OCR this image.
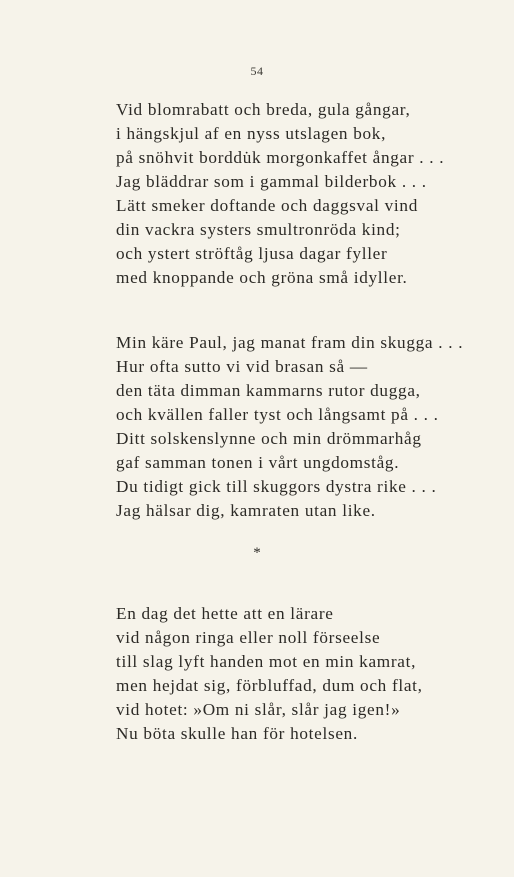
54
Vid blomrabatt och breda, gula gångar,
i hängskjul af en nyss utslagen bok,
på snöhvit borddu̇k morgonkaffet ångar . . .
Jag bläddrar som i gammal bilderbok . . .
Lätt smeker doftande och daggsval vind
din vackra systers smultronröda kind;
och ystert ströftåg ljusa dagar fyller
med knoppande och gröna små idyller.
Min käre Paul, jag manat fram din skugga . . .
Hur ofta sutto vi vid brasan så —
den täta dimman kammarns rutor dugga,
och kvällen faller tyst och långsamt på . . .
Ditt solskenslynne och min drömmarhåg
gaf samman tonen i vårt ungdomståg.
Du tidigt gick till skuggors dystra rike . . .
Jag hälsar dig, kamraten utan like.
*
En dag det hette att en lärare
vid någon ringa eller noll förseelse
till slag lyft handen mot en min kamrat,
men hejdat sig, förbluffad, dum och flat,
vid hotet: »Om ni slår, slår jag igen!»
Nu böta skulle han för hotelsen.
